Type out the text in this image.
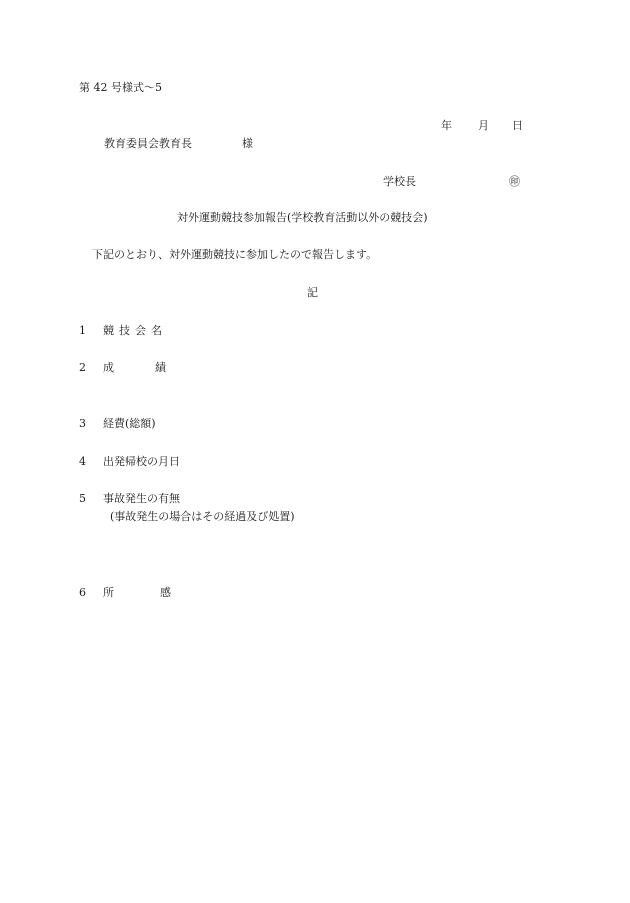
第 42 号様式〜5
年 月 日
教育委員会教育長	様
学校長	㊞
対外運動競技参加報告(学校教育活動以外の競技会)
下記のとおり、対外運動競技に参加したので報告します。
記
1 競技会名
2 成	績
3 経費(総額)
4 出発帰校の月日
5 事故発生の有無
(事故発生の場合はその経過及び処置)
6 所	感
